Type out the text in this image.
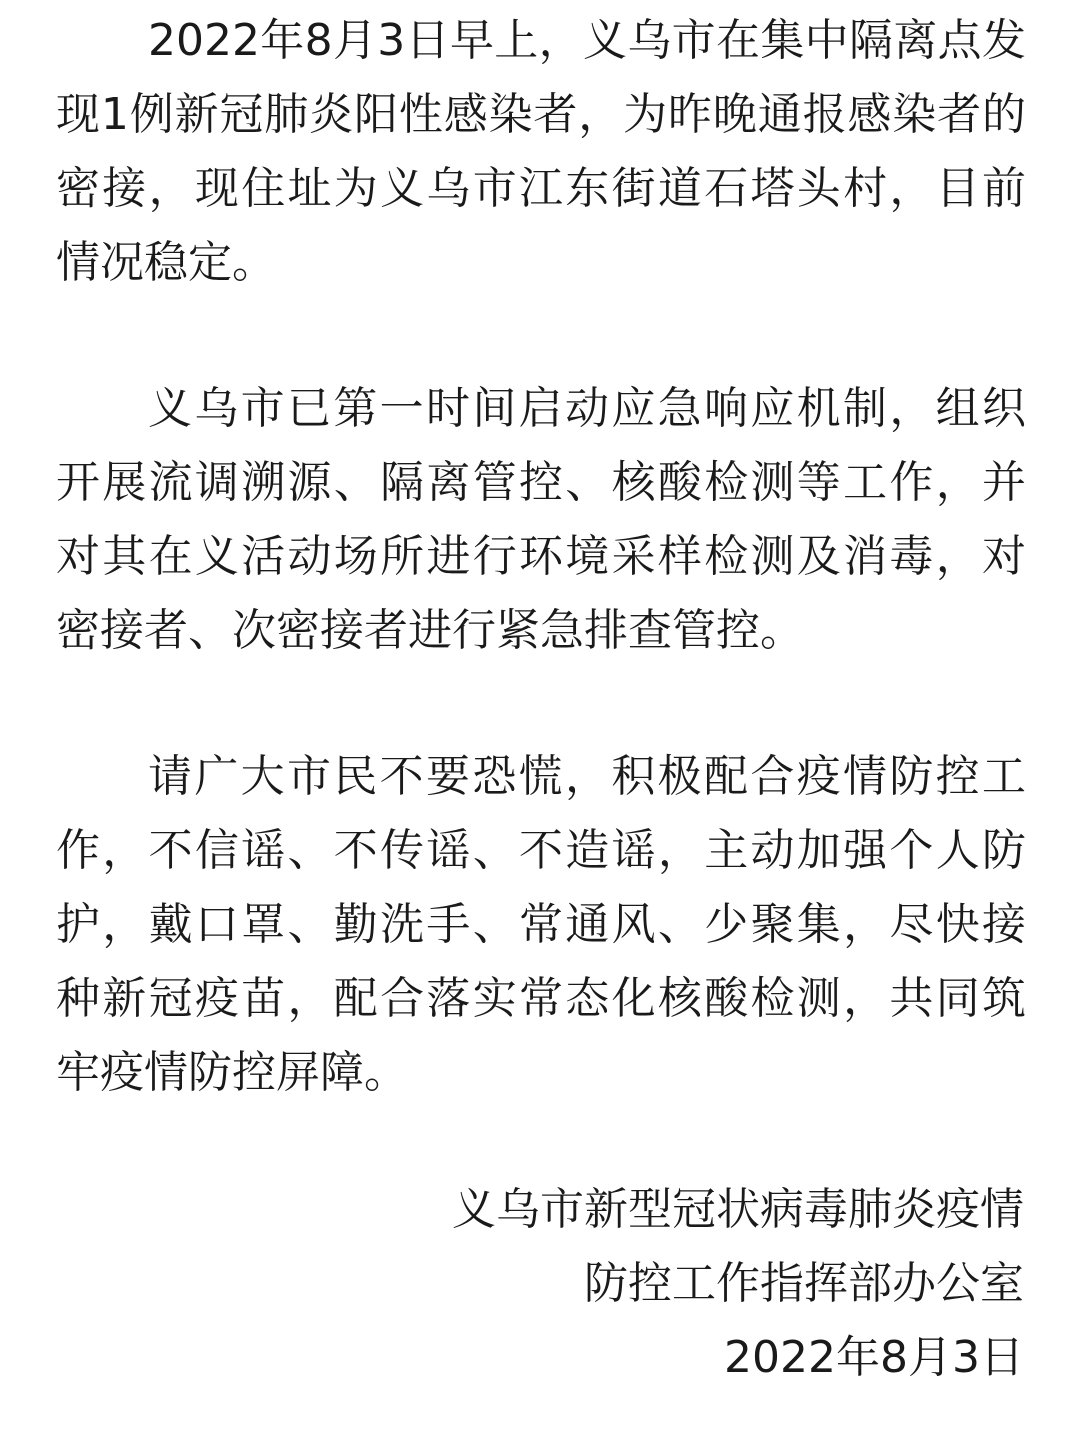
2022年8月3日早上，义乌市在集中隔离点发
现1例新冠肺炎阳性感染者，为昨晚通报感染者的
密接，现住址为义乌市江东街道石塔头村，目前
情况稳定。
义乌市已第一时间启动应急响应机制，组织
开展流调溯源、隔离管控、核酸检测等工作，并
对其在义活动场所进行环境采样检测及消毒，对
密接者、次密接者进行紧急排查管控。
请广大市民不要恐慌，积极配合疫情防控工
作，不信谣、不传谣、不造谣，主动加强个人防
护，戴口罩、勤洗手、常通风、少聚集，尽快接
种新冠疫苗，配合落实常态化核酸检测，共同筑
牢疫情防控屏障。
义乌市新型冠状病毒肺炎疫情
防控工作指挥部办公室
2022年8月3日
